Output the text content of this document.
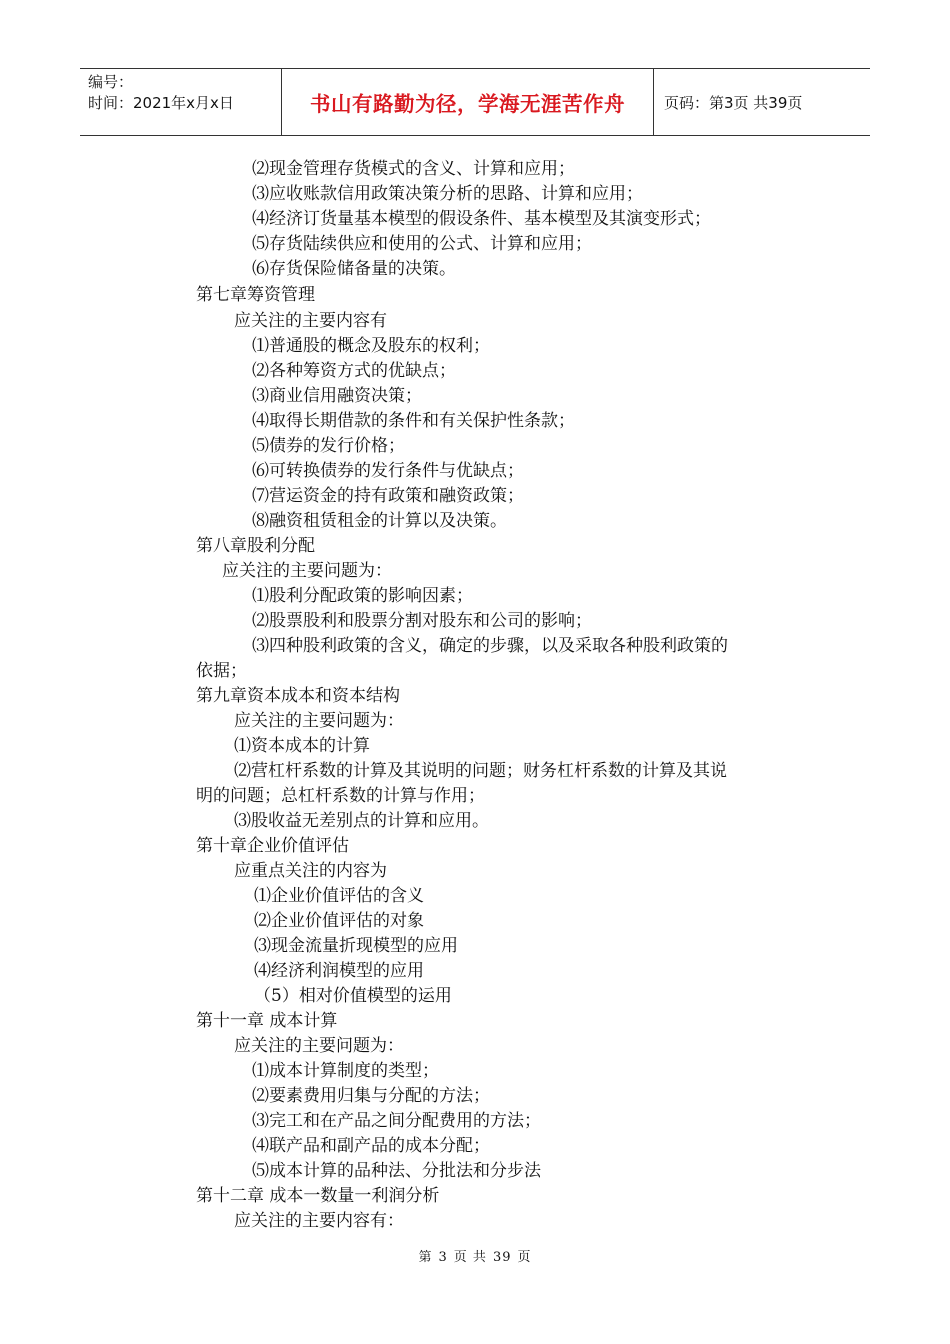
编号：
时间：2021年x月x日	书山有路勤为径，学海无涯苦作舟	页码：第3页 共39页
⑵现金管理存货模式的含义、计算和应用；
⑶应收账款信用政策决策分析的思路、计算和应用；
⑷经济订货量基本模型的假设条件、基本模型及其演变形式；
⑸存货陆续供应和使用的公式、计算和应用；
⑹存货保险储备量的决策。
第七章筹资管理
应关注的主要内容有
⑴普通股的概念及股东的权利；
⑵各种筹资方式的优缺点；
⑶商业信用融资决策；
⑷取得长期借款的条件和有关保护性条款；
⑸债券的发行价格；
⑹可转换债券的发行条件与优缺点；
⑺营运资金的持有政策和融资政策；
⑻融资租赁租金的计算以及决策。
第八章股利分配
应关注的主要问题为：
⑴股利分配政策的影响因素；
⑵股票股利和股票分割对股东和公司的影响；
⑶四种股利政策的含义，确定的步骤，以及采取各种股利政策的
依据；
第九章资本成本和资本结构
应关注的主要问题为：
⑴资本成本的计算
⑵营杠杆系数的计算及其说明的问题；财务杠杆系数的计算及其说
明的问题；总杠杆系数的计算与作用；
⑶股收益无差别点的计算和应用。
第十章企业价值评估
应重点关注的内容为
⑴企业价值评估的含义
⑵企业价值评估的对象
⑶现金流量折现模型的应用
⑷经济利润模型的应用
（5）相对价值模型的运用
第十一章 成本计算
应关注的主要问题为：
⑴成本计算制度的类型；
⑵要素费用归集与分配的方法；
⑶完工和在产品之间分配费用的方法；
⑷联产品和副产品的成本分配；
⑸成本计算的品种法、分批法和分步法
第十二章 成本一数量一利润分析
应关注的主要内容有：
第 3 页 共 39 页
